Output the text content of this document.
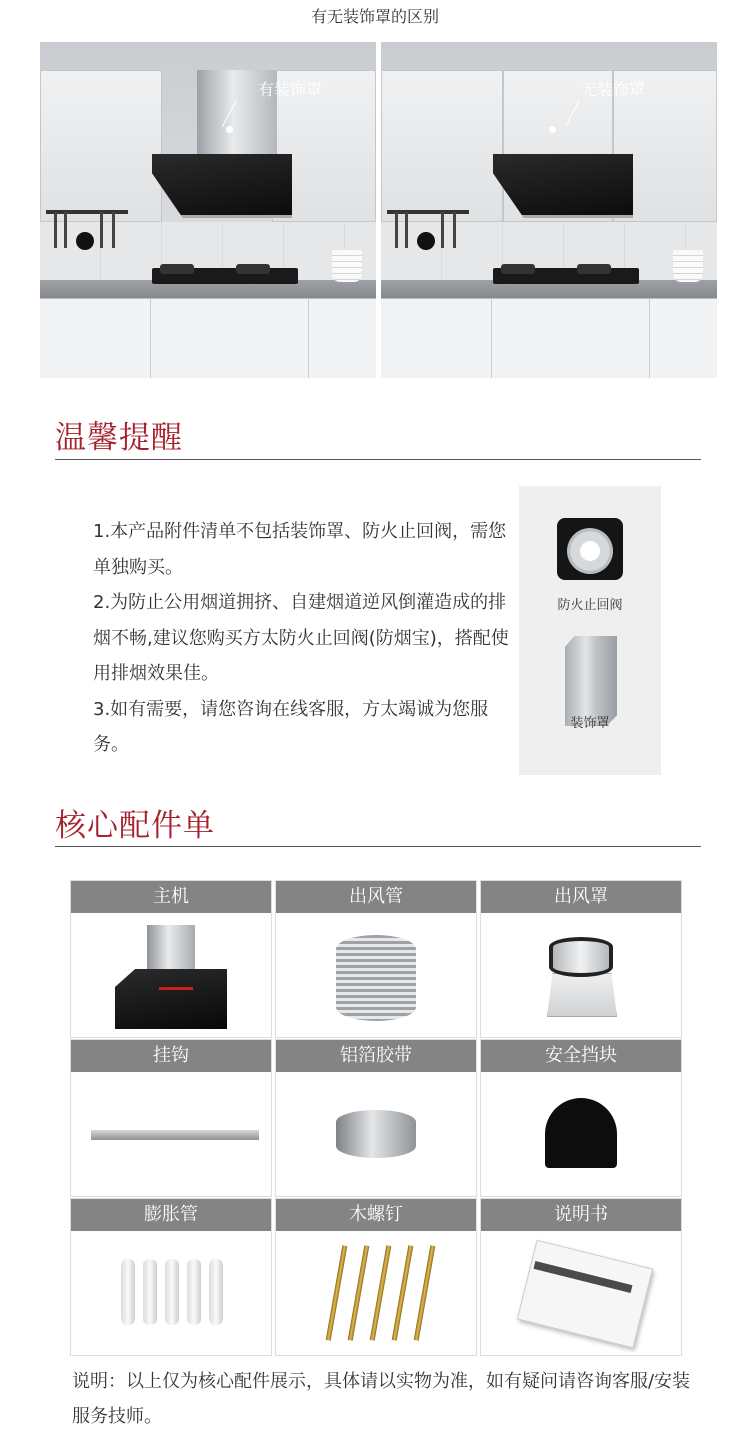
有无装饰罩的区别
有装饰罩	无装饰罩
温馨提醒

1.本产品附件清单不包括装饰罩、防火止回阀，需您单独购买。

2.为防止公用烟道拥挤、自建烟道逆风倒灌造成的排烟不畅,建议您购买方太防火止回阀(防烟宝)，搭配使用排烟效果佳。

3.如有需要，请您咨询在线客服，方太竭诚为您服务。

防火止回阀
装饰罩
核心配件单
主机	出风管	出风罩
挂钩	铝箔胶带	安全挡块
膨胀管	木螺钉	说明书
说明：以上仅为核心配件展示，具体请以实物为准，如有疑问请咨询客服/安装服务技师。
